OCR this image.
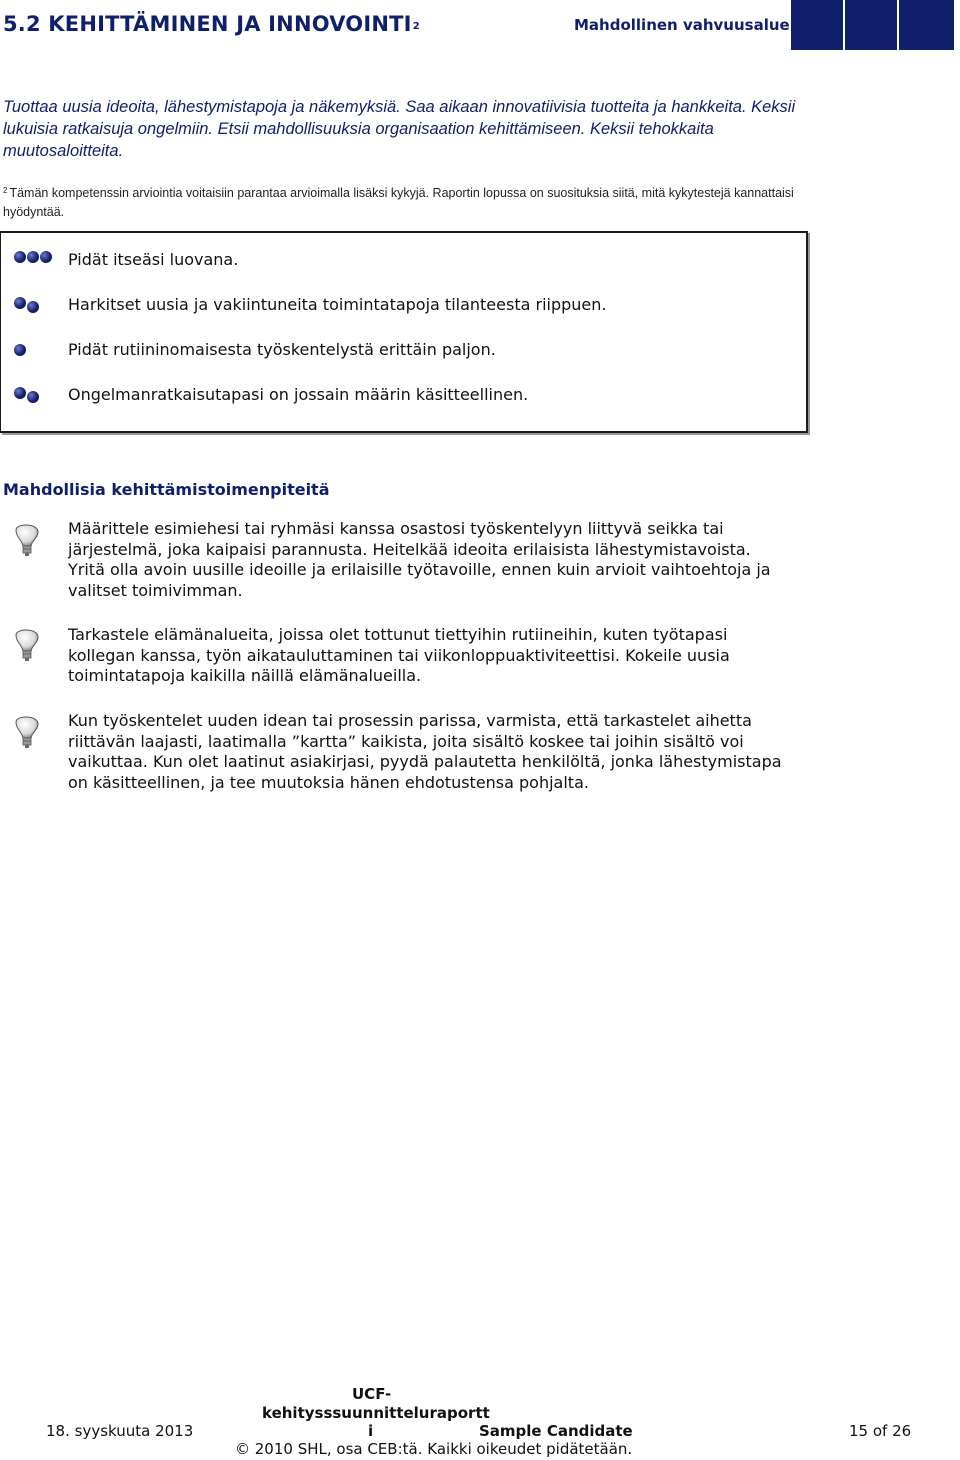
5.2 KEHITTÄMINEN JA INNOVOINTI$^2$	Mahdollinen vahvuusalue
Tuottaa uusia ideoita, lähestymistapoja ja näkemyksiä. Saa aikaan innovatiivisia tuotteita ja hankkeita. Keksii lukuisia ratkaisuja ongelmiin. Etsii mahdollisuuksia organisaation kehittämiseen. Keksii tehokkaita muutosaloitteita.
$^2$ Tämän kompetenssin arviointia voitaisiin parantaa arvioimalla lisäksi kykyjä. Raportin lopussa on suosituksia siitä, mitä kykytestejä kannattaisi hyödyntää.
Pidät itseäsi luovana.
Harkitset uusia ja vakiintuneita toimintatapoja tilanteesta riippuen.
Pidät rutiininomaisesta työskentelystä erittäin paljon.
Ongelmanratkaisutapasi on jossain määrin käsitteellinen.
Mahdollisia kehittämistoimenpiteitä
Määrittele esimiehesi tai ryhmäsi kanssa osastosi työskentelyyn liittyvä seikka tai järjestelmä, joka kaipaisi parannusta. Heitelkää ideoita erilaisista lähestymistavoista. Yritä olla avoin uusille ideoille ja erilaisille työtavoille, ennen kuin arvioit vaihtoehtoja ja valitset toimivimman.
Tarkastele elämänalueita, joissa olet tottunut tiettyihin rutiineihin, kuten työtapasi kollegan kanssa, työn aikatauluttaminen tai viikonloppuaktiviteettisi. Kokeile uusia toimintatapoja kaikilla näillä elämänalueilla.
Kun työskentelet uuden idean tai prosessin parissa, varmista, että tarkastelet aihetta riittävän laajasti, laatimalla ”kartta” kaikista, joita sisältö koskee tai joihin sisältö voi vaikuttaa. Kun olet laatinut asiakirjasi, pyydä palautetta henkilöltä, jonka lähestymistapa on käsitteellinen, ja tee muutoksia hänen ehdotustensa pohjalta.
UCF-
kehitysssuunnitteluraportt
18. syyskuuta 2013	i	Sample Candidate	15 of 26
© 2010 SHL, osa CEB:tä. Kaikki oikeudet pidätetään.
